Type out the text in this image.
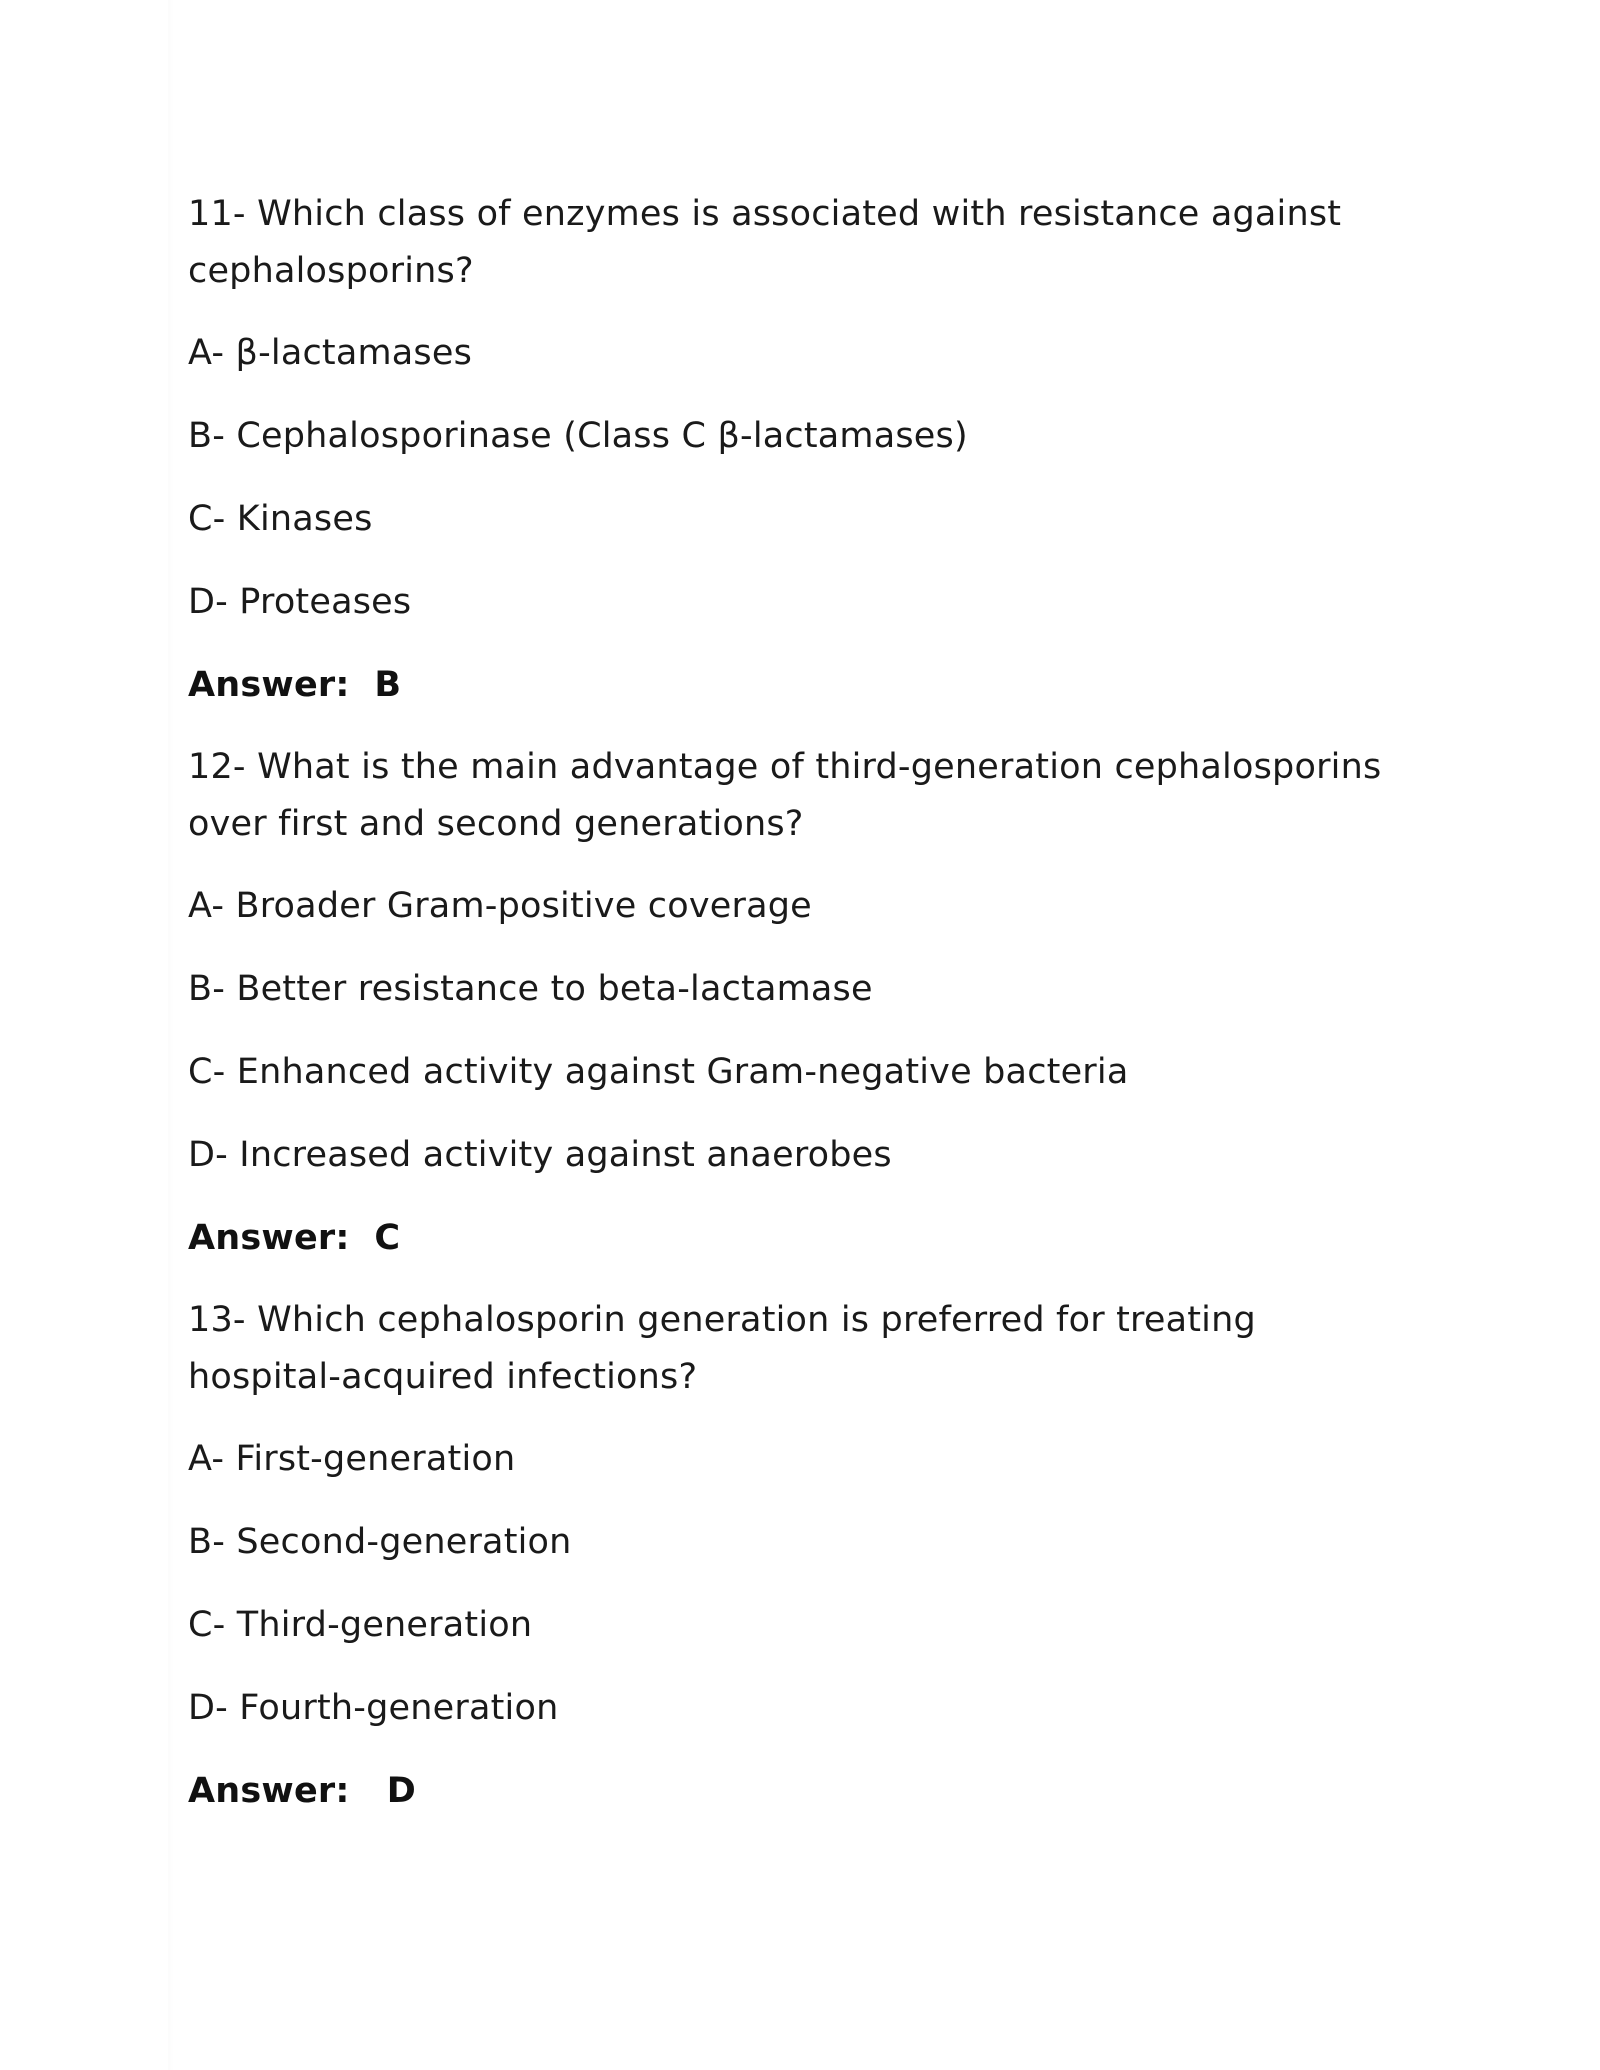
11- Which class of enzymes is associated with resistance against cephalosporins?

A- β-lactamases
B- Cephalosporinase (Class C β-lactamases)
C- Kinases
D- Proteases
Answer:  B

12- What is the main advantage of third-generation cephalosporins over first and second generations?

A- Broader Gram-positive coverage
B- Better resistance to beta-lactamase
C- Enhanced activity against Gram-negative bacteria
D- Increased activity against anaerobes
Answer:  C

13- Which cephalosporin generation is preferred for treating hospital-acquired infections?

A- First-generation
B- Second-generation
C- Third-generation
D- Fourth-generation
Answer:   D
